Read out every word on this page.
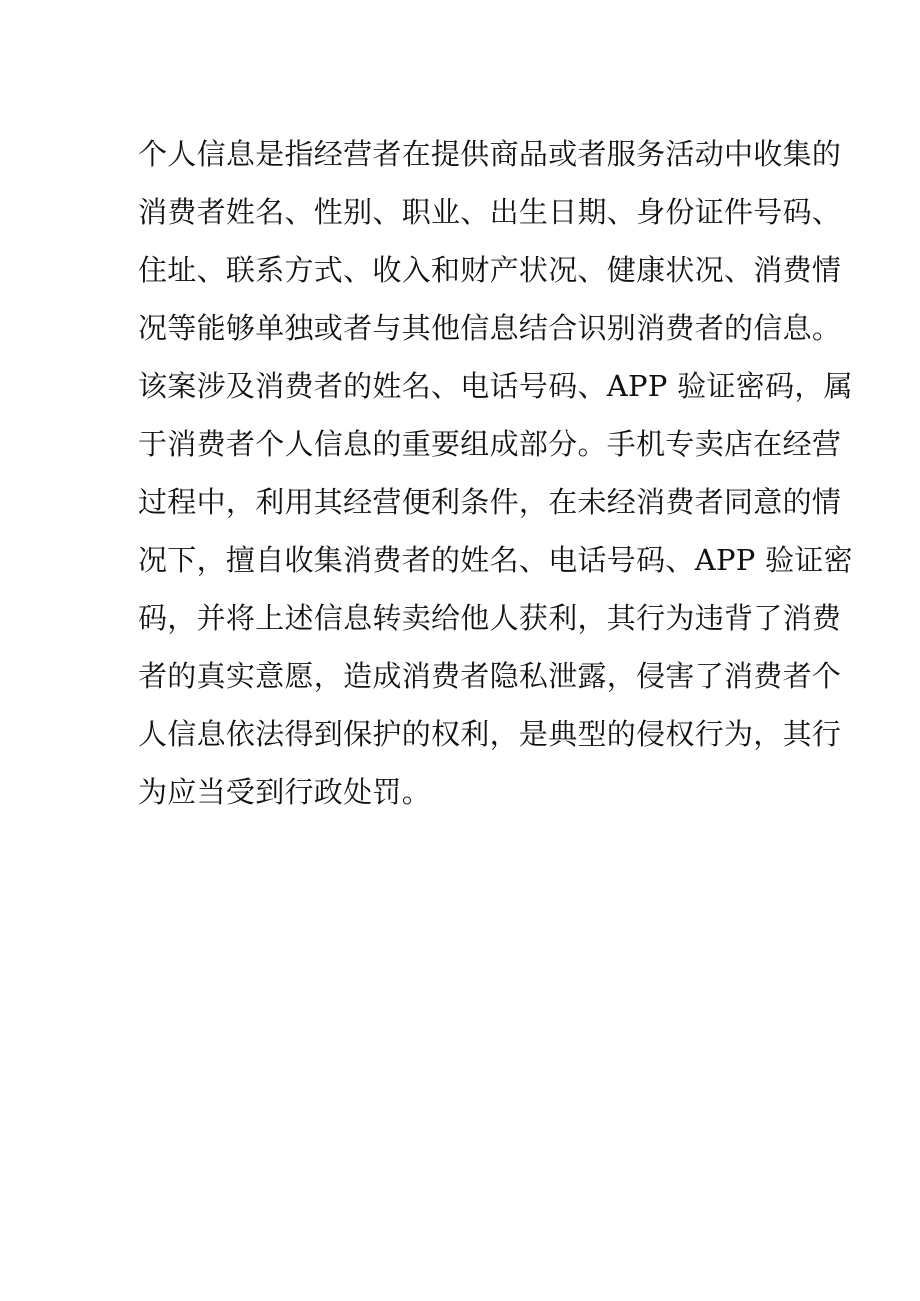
个人信息是指经营者在提供商品或者服务活动中收集的
消费者姓名、性别、职业、出生日期、身份证件号码、
住址、联系方式、收入和财产状况、健康状况、消费情
况等能够单独或者与其他信息结合识别消费者的信息。
该案涉及消费者的姓名、电话号码、APP 验证密码，属
于消费者个人信息的重要组成部分。手机专卖店在经营
过程中，利用其经营便利条件，在未经消费者同意的情
况下，擅自收集消费者的姓名、电话号码、APP 验证密
码，并将上述信息转卖给他人获利，其行为违背了消费
者的真实意愿，造成消费者隐私泄露，侵害了消费者个
人信息依法得到保护的权利，是典型的侵权行为，其行
为应当受到行政处罚。
